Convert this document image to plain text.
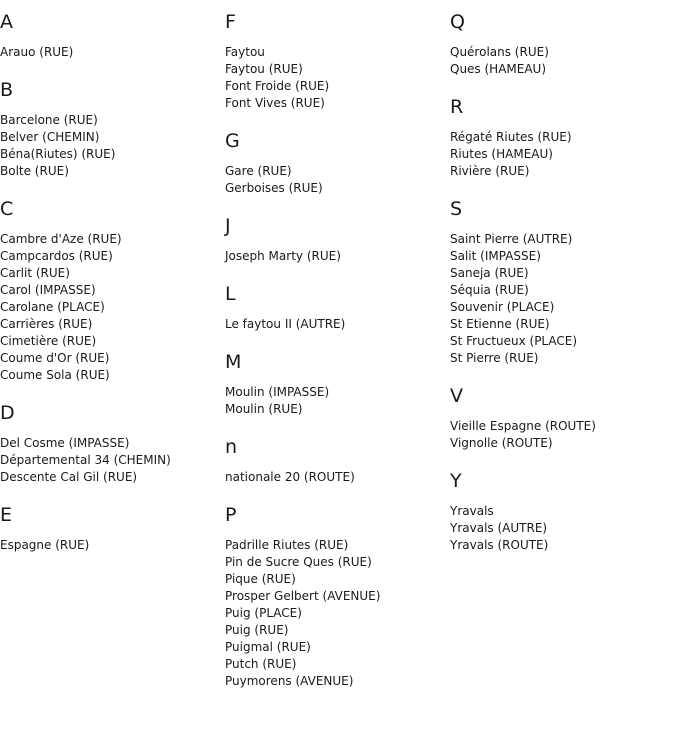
A
Arauo (RUE)
B
Barcelone (RUE)
Belver (CHEMIN)
Béna(Riutes) (RUE)
Bolte (RUE)
C
Cambre d'Aze (RUE)
Campcardos (RUE)
Carlit (RUE)
Carol (IMPASSE)
Carolane (PLACE)
Carrières (RUE)
Cimetière (RUE)
Coume d'Or (RUE)
Coume Sola (RUE)
D
Del Cosme (IMPASSE)
Départemental 34 (CHEMIN)
Descente Cal Gil (RUE)
E
Espagne (RUE)
F
Faytou
Faytou (RUE)
Font Froide (RUE)
Font Vives (RUE)
G
Gare (RUE)
Gerboises (RUE)
J
Joseph Marty (RUE)
L
Le faytou II (AUTRE)
M
Moulin (IMPASSE)
Moulin (RUE)
n
nationale 20 (ROUTE)
P
Padrille Riutes (RUE)
Pin de Sucre Ques (RUE)
Pique (RUE)
Prosper Gelbert (AVENUE)
Puig (PLACE)
Puig (RUE)
Puigmal (RUE)
Putch (RUE)
Puymorens (AVENUE)
Q
Quérolans (RUE)
Ques (HAMEAU)
R
Régaté Riutes (RUE)
Riutes (HAMEAU)
Rivière (RUE)
S
Saint Pierre (AUTRE)
Salit (IMPASSE)
Saneja (RUE)
Séquia (RUE)
Souvenir (PLACE)
St Etienne (RUE)
St Fructueux (PLACE)
St Pierre (RUE)
V
Vieille Espagne (ROUTE)
Vignolle (ROUTE)
Y
Yravals
Yravals (AUTRE)
Yravals (ROUTE)
